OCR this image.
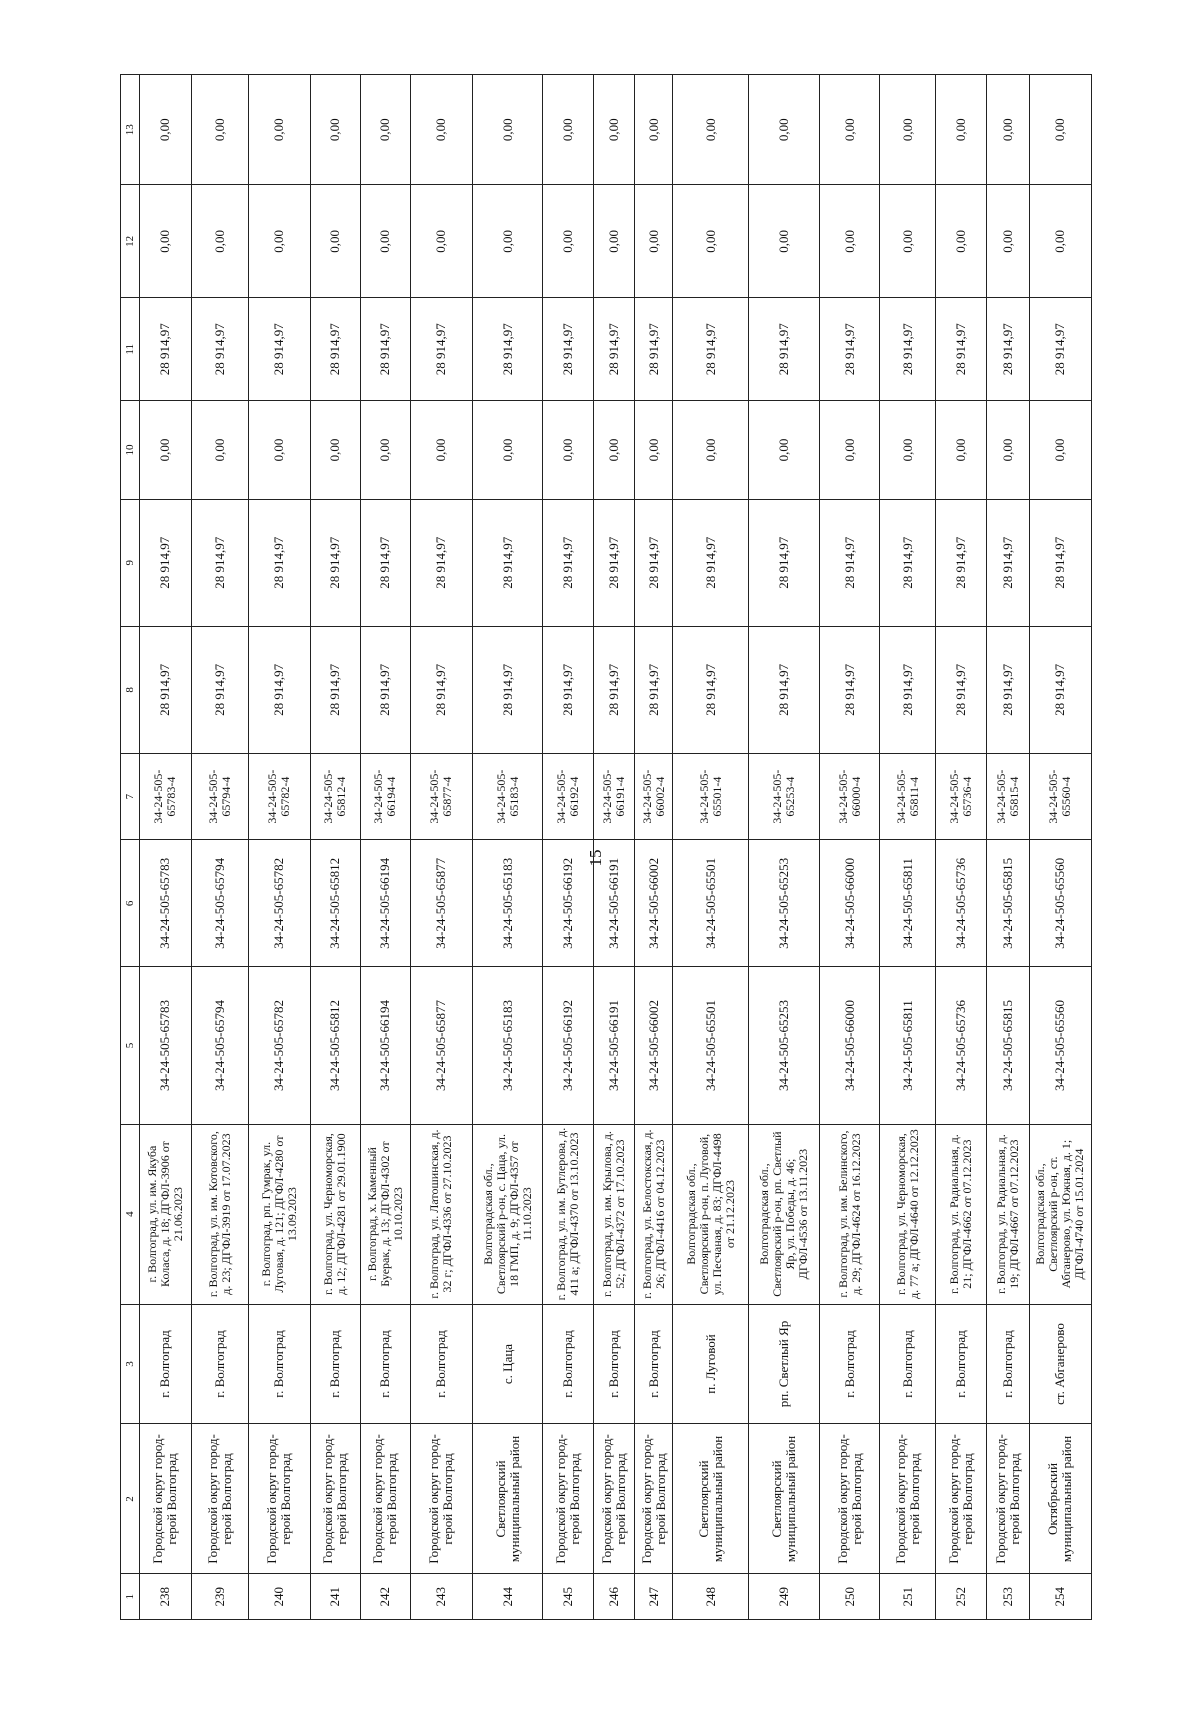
15
1	2	3	4	5	6	7	8	9	10	11	12	13
238	Городской округ город-герой Волгоград	г. Волгоград	г. Волгоград, ул. им. Якуба Коласа, д. 18; ДГФЛ-3906 от 21.06.2023	34-24-505-65783	34-24-505-65783	34-24-505-65783-4	28 914,97	28 914,97	0,00	28 914,97	0,00	0,00
239	Городской округ город-герой Волгоград	г. Волгоград	г. Волгоград, ул. им. Котовского, д. 23; ДГФЛ-3919 от 17.07.2023	34-24-505-65794	34-24-505-65794	34-24-505-65794-4	28 914,97	28 914,97	0,00	28 914,97	0,00	0,00
240	Городской округ город-герой Волгоград	г. Волгоград	г. Волгоград, рп. Гумрак, ул. Луговая, д. 121; ДГФЛ-4280 от 13.09.2023	34-24-505-65782	34-24-505-65782	34-24-505-65782-4	28 914,97	28 914,97	0,00	28 914,97	0,00	0,00
241	Городской округ город-герой Волгоград	г. Волгоград	г. Волгоград, ул. Черноморская, д. 12; ДГФЛ-4281 от 29.01.1900	34-24-505-65812	34-24-505-65812	34-24-505-65812-4	28 914,97	28 914,97	0,00	28 914,97	0,00	0,00
242	Городской округ город-герой Волгоград	г. Волгоград	г. Волгоград, х. Каменный Буерак, д. 13; ДГФЛ-4302 от 10.10.2023	34-24-505-66194	34-24-505-66194	34-24-505-66194-4	28 914,97	28 914,97	0,00	28 914,97	0,00	0,00
243	Городской округ город-герой Волгоград	г. Волгоград	г. Волгоград, ул. Латошинская, д. 32 г; ДГФЛ-4336 от 27.10.2023	34-24-505-65877	34-24-505-65877	34-24-505-65877-4	28 914,97	28 914,97	0,00	28 914,97	0,00	0,00
244	Светлоярский муниципальный район	с. Цаца	Волгоградская обл., Светлоярский р-он, с. Цаца, ул. 18 ГМП, д. 9; ДГФЛ-4357 от 11.10.2023	34-24-505-65183	34-24-505-65183	34-24-505-65183-4	28 914,97	28 914,97	0,00	28 914,97	0,00	0,00
245	Городской округ город-герой Волгоград	г. Волгоград	г. Волгоград, ул. им. Бутлерова, д. 411 а; ДГФЛ-4370 от 13.10.2023	34-24-505-66192	34-24-505-66192	34-24-505-66192-4	28 914,97	28 914,97	0,00	28 914,97	0,00	0,00
246	Городской округ город-герой Волгоград	г. Волгоград	г. Волгоград, ул. им. Крылова, д. 52; ДГФЛ-4372 от 17.10.2023	34-24-505-66191	34-24-505-66191	34-24-505-66191-4	28 914,97	28 914,97	0,00	28 914,97	0,00	0,00
247	Городской округ город-герой Волгоград	г. Волгоград	г. Волгоград, ул. Белостокская, д. 26; ДГФЛ-4416 от 04.12.2023	34-24-505-66002	34-24-505-66002	34-24-505-66002-4	28 914,97	28 914,97	0,00	28 914,97	0,00	0,00
248	Светлоярский муниципальный район	п. Луговой	Волгоградская обл., Светлоярский р-он, п. Луговой, ул. Песчаная, д. 83; ДГФЛ-4498 от 21.12.2023	34-24-505-65501	34-24-505-65501	34-24-505-65501-4	28 914,97	28 914,97	0,00	28 914,97	0,00	0,00
249	Светлоярский муниципальный район	рп. Светлый Яр	Волгоградская обл., Светлоярский р-он, рп. Светлый Яр, ул. Победы, д. 46; ДГФЛ-4536 от 13.11.2023	34-24-505-65253	34-24-505-65253	34-24-505-65253-4	28 914,97	28 914,97	0,00	28 914,97	0,00	0,00
250	Городской округ город-герой Волгоград	г. Волгоград	г. Волгоград, ул. им. Белинского, д. 29; ДГФЛ-4624 от 16.12.2023	34-24-505-66000	34-24-505-66000	34-24-505-66000-4	28 914,97	28 914,97	0,00	28 914,97	0,00	0,00
251	Городской округ город-герой Волгоград	г. Волгоград	г. Волгоград, ул. Черноморская, д. 77 а; ДГФЛ-4640 от 12.12.2023	34-24-505-65811	34-24-505-65811	34-24-505-65811-4	28 914,97	28 914,97	0,00	28 914,97	0,00	0,00
252	Городской округ город-герой Волгоград	г. Волгоград	г. Волгоград, ул. Радиальная, д. 21; ДГФЛ-4662 от 07.12.2023	34-24-505-65736	34-24-505-65736	34-24-505-65736-4	28 914,97	28 914,97	0,00	28 914,97	0,00	0,00
253	Городской округ город-герой Волгоград	г. Волгоград	г. Волгоград, ул. Радиальная, д. 19; ДГФЛ-4667 от 07.12.2023	34-24-505-65815	34-24-505-65815	34-24-505-65815-4	28 914,97	28 914,97	0,00	28 914,97	0,00	0,00
254	Октябрьский муниципальный район	ст. Абганерово	Волгоградская обл., Светлоярский р-он, ст. Абганерово, ул. Южная, д. 1; ДГФЛ-4740 от 15.01.2024	34-24-505-65560	34-24-505-65560	34-24-505-65560-4	28 914,97	28 914,97	0,00	28 914,97	0,00	0,00
